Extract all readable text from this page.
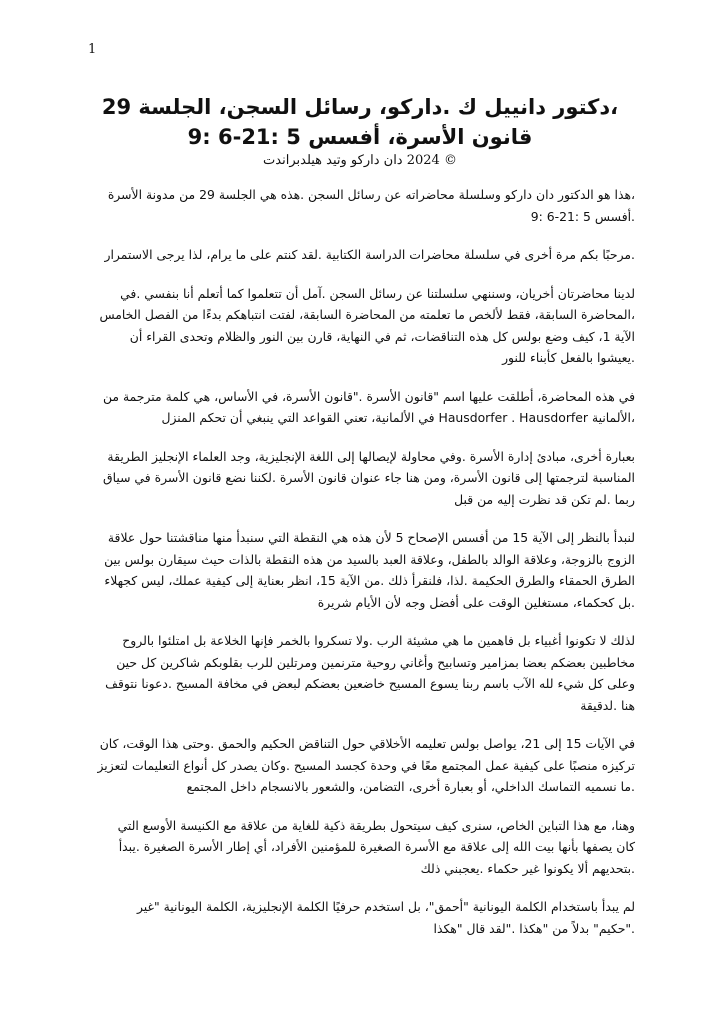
1
،دكتور دانييل ك .داركو، رسائل السجن، الجلسة 29
قانون الأسرة، أفسس 5 :21-6 :9

© 2024 دان داركو وتيد هيلدبراندت

،هذا هو الدكتور دان داركو وسلسلة محاضراته عن رسائل السجن .هذه هي الجلسة 29 من مدونة الأسرة .أفسس 5 :21-6 :9

.مرحبًا بكم مرة أخرى في سلسلة محاضرات الدراسة الكتابية .لقد كنتم على ما يرام، لذا يرجى الاستمرار

لدينا محاضرتان أخريان، وسننهي سلسلتنا عن رسائل السجن .آمل أن تتعلموا كما أتعلم أنا بنفسي .في ،المحاضرة السابقة، فقط لألخص ما تعلمته من المحاضرة السابقة، لفتت انتباهكم بدءًا من الفصل الخامس الآية 1، كيف وضع بولس كل هذه التناقضات، ثم في النهاية، قارن بين النور والظلام وتحدى القراء أن .يعيشوا بالفعل كأبناء للنور

في هذه المحاضرة، أطلقت عليها اسم "قانون الأسرة ."قانون الأسرة، في الأساس، هي كلمة مترجمة من ،الألمانية Hausdorfer . Hausdorfer في الألمانية، تعني القواعد التي ينبغي أن تحكم المنزل

بعبارة أخرى، مبادئ إدارة الأسرة .وفي محاولة لإيصالها إلى اللغة الإنجليزية، وجد العلماء الإنجليز الطريقة المناسبة لترجمتها إلى قانون الأسرة، ومن هنا جاء عنوان قانون الأسرة .لكننا نضع قانون الأسرة في سياق ربما .لم تكن قد نظرت إليه من قبل

لنبدأ بالنظر إلى الآية 15 من أفسس الإصحاح 5 لأن هذه هي النقطة التي سنبدأ منها مناقشتنا حول علاقة الزوج بالزوجة، وعلاقة الوالد بالطفل، وعلاقة العبد بالسيد من هذه النقطة بالذات حيث سيقارن بولس بين الطرق الحمقاء والطرق الحكيمة .لذا، فلنقرأ ذلك .من الآية 15، انظر بعناية إلى كيفية عملك، ليس كجهلاء .بل كحكماء، مستغلين الوقت على أفضل وجه لأن الأيام شريرة

لذلك لا تكونوا أغبياء بل فاهمين ما هي مشيئة الرب .ولا تسكروا بالخمر فإنها الخلاعة بل امتلئوا بالروح مخاطبين بعضكم بعضا بمزامير وتسابيح وأغاني روحية مترنمين ومرتلين للرب بقلوبكم شاكرين كل حين وعلى كل شيء لله الآب باسم ربنا يسوع المسيح خاضعين بعضكم لبعض في مخافة المسيح .دعونا نتوقف هنا .لدقيقة

في الآيات 15 إلى 21، يواصل بولس تعليمه الأخلاقي حول التناقض الحكيم والحمق .وحتى هذا الوقت، كان تركيزه منصبًا على كيفية عمل المجتمع معًا في وحدة كجسد المسيح .وكان يصدر كل أنواع التعليمات لتعزيز .ما نسميه التماسك الداخلي، أو بعبارة أخرى، التضامن، والشعور بالانسجام داخل المجتمع

وهنا، مع هذا التباين الخاص، سنرى كيف سيتحول بطريقة ذكية للغاية من علاقة مع الكنيسة الأوسع التي كان يصفها بأنها بيت الله إلى علاقة مع الأسرة الصغيرة للمؤمنين الأفراد، أي إطار الأسرة الصغيرة .يبدأ .بتحديهم ألا يكونوا غير حكماء .يعجبني ذلك

لم يبدأ باستخدام الكلمة اليونانية "أحمق"، بل استخدم حرفيًا الكلمة الإنجليزية، الكلمة اليونانية "غير ."حكيم" بدلاً من "هكذا ."لقد قال "هكذا
